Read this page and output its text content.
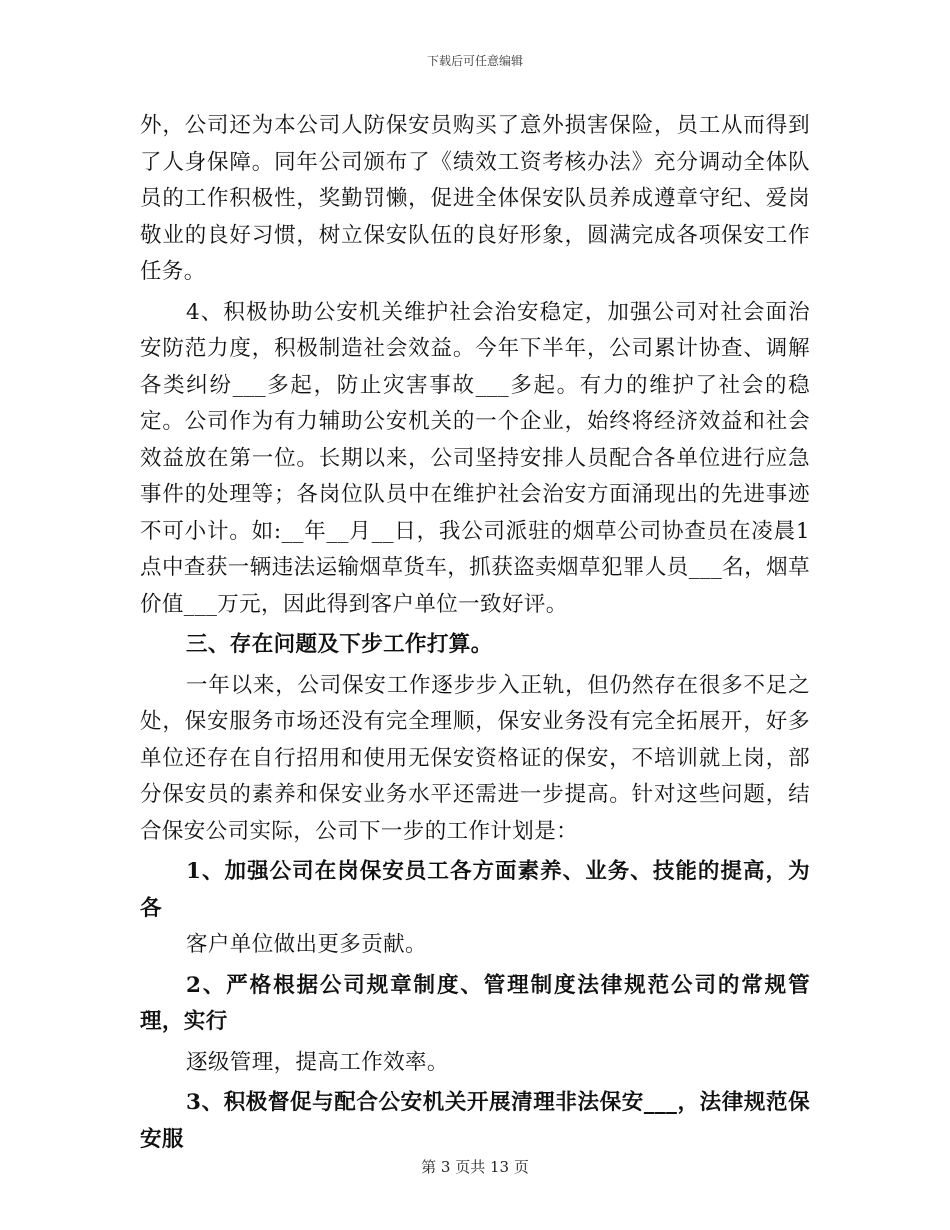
下载后可任意编辑

外，公司还为本公司人防保安员购买了意外损害保险，员工从而得到了人身保障。同年公司颁布了《绩效工资考核办法》充分调动全体队员的工作积极性，奖勤罚懒，促进全体保安队员养成遵章守纪、爱岗敬业的良好习惯，树立保安队伍的良好形象，圆满完成各项保安工作任务。

4、积极协助公安机关维护社会治安稳定，加强公司对社会面治安防范力度，积极制造社会效益。今年下半年，公司累计协查、调解各类纠纷___多起，防止灾害事故___多起。有力的维护了社会的稳定。公司作为有力辅助公安机关的一个企业，始终将经济效益和社会效益放在第一位。长期以来，公司坚持安排人员配合各单位进行应急事件的处理等；各岗位队员中在维护社会治安方面涌现出的先进事迹不可小计。如:__年__月__日，我公司派驻的烟草公司协查员在凌晨1点中查获一辆违法运输烟草货车，抓获盗卖烟草犯罪人员___名，烟草价值___万元，因此得到客户单位一致好评。

三、存在问题及下步工作打算。

一年以来，公司保安工作逐步步入正轨，但仍然存在很多不足之处，保安服务市场还没有完全理顺，保安业务没有完全拓展开，好多单位还存在自行招用和使用无保安资格证的保安，不培训就上岗，部分保安员的素养和保安业务水平还需进一步提高。针对这些问题，结合保安公司实际，公司下一步的工作计划是：

1、加强公司在岗保安员工各方面素养、业务、技能的提高，为各

客户单位做出更多贡献。

2、严格根据公司规章制度、管理制度法律规范公司的常规管理，实行

逐级管理，提高工作效率。

3、积极督促与配合公安机关开展清理非法保安___，法律规范保安服

第 3 页共 13 页
